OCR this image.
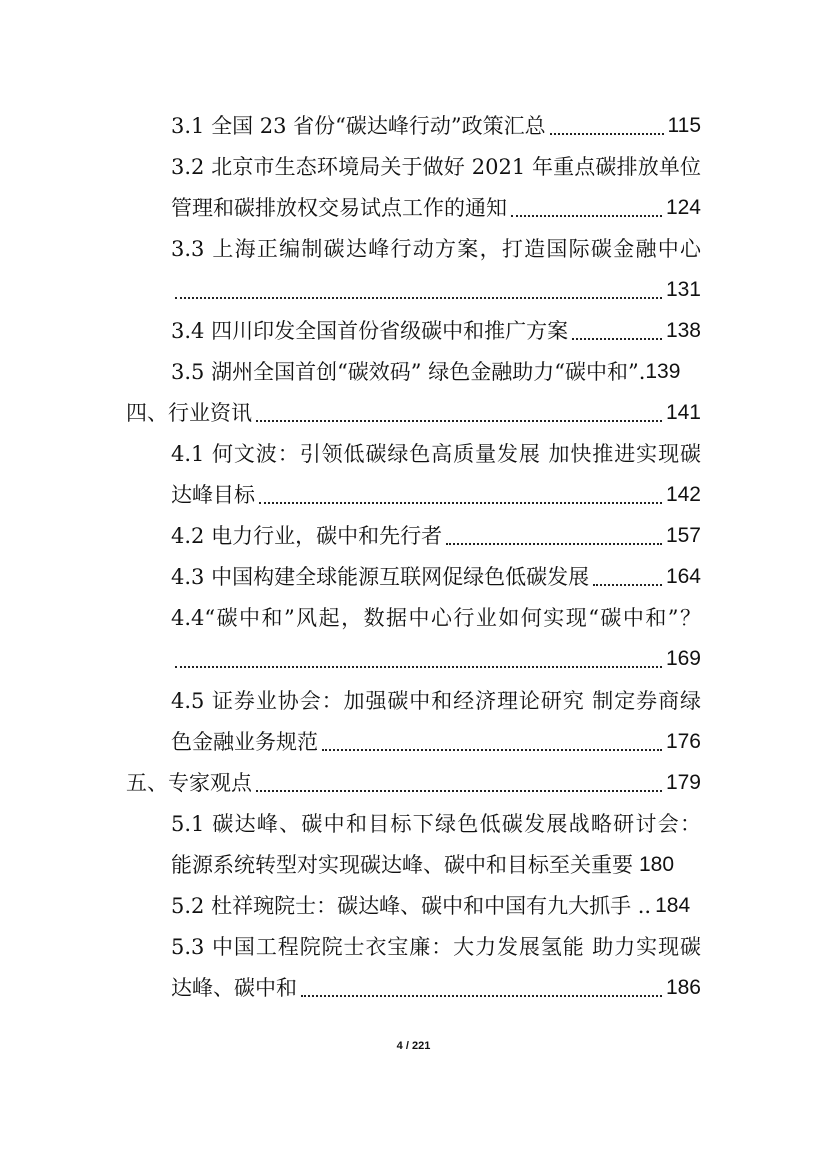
3.1 全国 23 省份“碳达峰行动”政策汇总	115
3.2 北京市生态环境局关于做好 2021 年重点碳排放单位
管理和碳排放权交易试点工作的通知	124
3.3 上海正编制碳达峰行动方案，打造国际碳金融中心
131
3.4 四川印发全国首份省级碳中和推广方案	138
3.5 湖州全国首创“碳效码” 绿色金融助力“碳中和”. 139
四、行业资讯	141
4.1 何文波：引领低碳绿色高质量发展 加快推进实现碳
达峰目标	142
4.2 电力行业，碳中和先行者	157
4.3 中国构建全球能源互联网促绿色低碳发展	164
4.4“碳中和”风起，数据中心行业如何实现“碳中和”？
169
4.5 证券业协会：加强碳中和经济理论研究 制定券商绿
色金融业务规范	176
五、专家观点	179
5.1 碳达峰、碳中和目标下绿色低碳发展战略研讨会：
能源系统转型对实现碳达峰、碳中和目标至关重要 180
5.2 杜祥琬院士：碳达峰、碳中和中国有九大抓手 .. 184
5.3 中国工程院院士衣宝廉：大力发展氢能 助力实现碳
达峰、碳中和	186
4 / 221
